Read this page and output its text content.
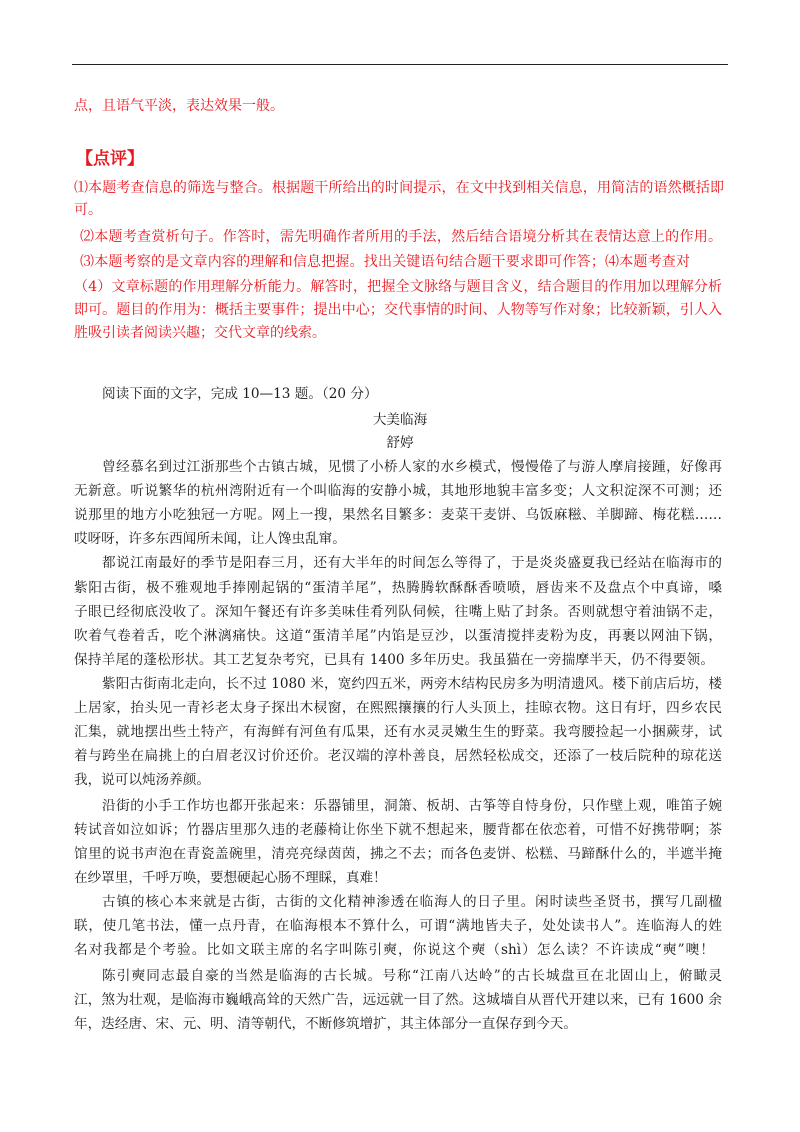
点，且语气平淡，表达效果一般。
【点评】
⑴本题考查信息的筛选与整合。根据题干所给出的时间提示，在文中找到相关信息，用简洁的语然概括即
可。
⑵本题考查赏析句子。作答时，需先明确作者所用的手法，然后结合语境分析其在表情达意上的作用。
⑶本题考察的是文章内容的理解和信息把握。找出关键语句结合题干要求即可作答；⑷本题考查对
（4）文章标题的作用理解分析能力。解答时，把握全文脉络与题目含义，结合题目的作用加以理解分析
即可。题目的作用为：概括主要事件；提出中心；交代事情的时间、人物等写作对象；比较新颖，引人入
胜吸引读者阅读兴趣；交代文章的线索。
阅读下面的文字，完成 10—13 题。（20 分）
大美临海
舒婷
曾经慕名到过江浙那些个古镇古城，见惯了小桥人家的水乡模式，慢慢倦了与游人摩肩接踵，好像再
无新意。听说繁华的杭州湾附近有一个叫临海的安静小城，其地形地貌丰富多变；人文积淀深不可测；还
说那里的地方小吃独冠一方呢。网上一搜，果然名目繁多：麦菜干麦饼、乌饭麻糍、羊脚蹄、梅花糕……
哎呀呀，许多东西闻所未闻，让人馋虫乱窜。
都说江南最好的季节是阳春三月，还有大半年的时间怎么等得了，于是炎炎盛夏我已经站在临海市的
紫阳古街，极不雅观地手捧刚起锅的“蛋清羊尾”，热腾腾软酥酥香喷喷，唇齿来不及盘点个中真谛，嗓
子眼已经彻底没收了。深知午餐还有许多美味佳肴列队伺候，往嘴上贴了封条。否则就想守着油锅不走，
吹着气卷着舌，吃个淋漓痛快。这道“蛋清羊尾”内馅是豆沙，以蛋清搅拌麦粉为皮，再裹以网油下锅，
保持羊尾的蓬松形状。其工艺复杂考究，已具有 1400 多年历史。我虽猫在一旁揣摩半天，仍不得要领。
紫阳古街南北走向，长不过 1080 米，宽约四五米，两旁木结构民房多为明清遗风。楼下前店后坊，楼
上居家，抬头见一青衫老太身子探出木棂窗，在熙熙攘攘的行人头顶上，挂晾衣物。这日有圩，四乡农民
汇集，就地摆出些土特产，有海鲜有河鱼有瓜果，还有水灵灵嫩生生的野菜。我弯腰捡起一小捆蕨芽，试
着与跨坐在扁挑上的白眉老汉讨价还价。老汉端的淳朴善良，居然轻松成交，还添了一枝后院种的琼花送
我，说可以炖汤养颜。
沿街的小手工作坊也都开张起来：乐器铺里，洞箫、板胡、古筝等自恃身份，只作壁上观，唯笛子婉
转试音如泣如诉；竹器店里那久违的老藤椅让你坐下就不想起来，腰背都在依恋着，可惜不好携带啊；茶
馆里的说书声泡在青瓷盖碗里，清亮亮绿茵茵，拂之不去；而各色麦饼、松糕、马蹄酥什么的，半遮半掩
在纱罩里，千呼万唤，要想硬起心肠不理睬，真难！
古镇的核心本来就是古街，古街的文化精神渗透在临海人的日子里。闲时读些圣贤书，撰写几副楹
联，使几笔书法，懂一点丹青，在临海根本不算什么，可谓“满地皆夫子，处处读书人”。连临海人的姓
名对我都是个考验。比如文联主席的名字叫陈引奭，你说这个奭（shì）怎么读？不许读成“奭”噢！
陈引奭同志最自豪的当然是临海的古长城。号称“江南八达岭”的古长城盘亘在北固山上，俯瞰灵
江，煞为壮观，是临海市巍峨高耸的天然广告，远远就一目了然。这城墙自从晋代开建以来，已有 1600 余
年，迭经唐、宋、元、明、清等朝代，不断修筑增扩，其主体部分一直保存到今天。
